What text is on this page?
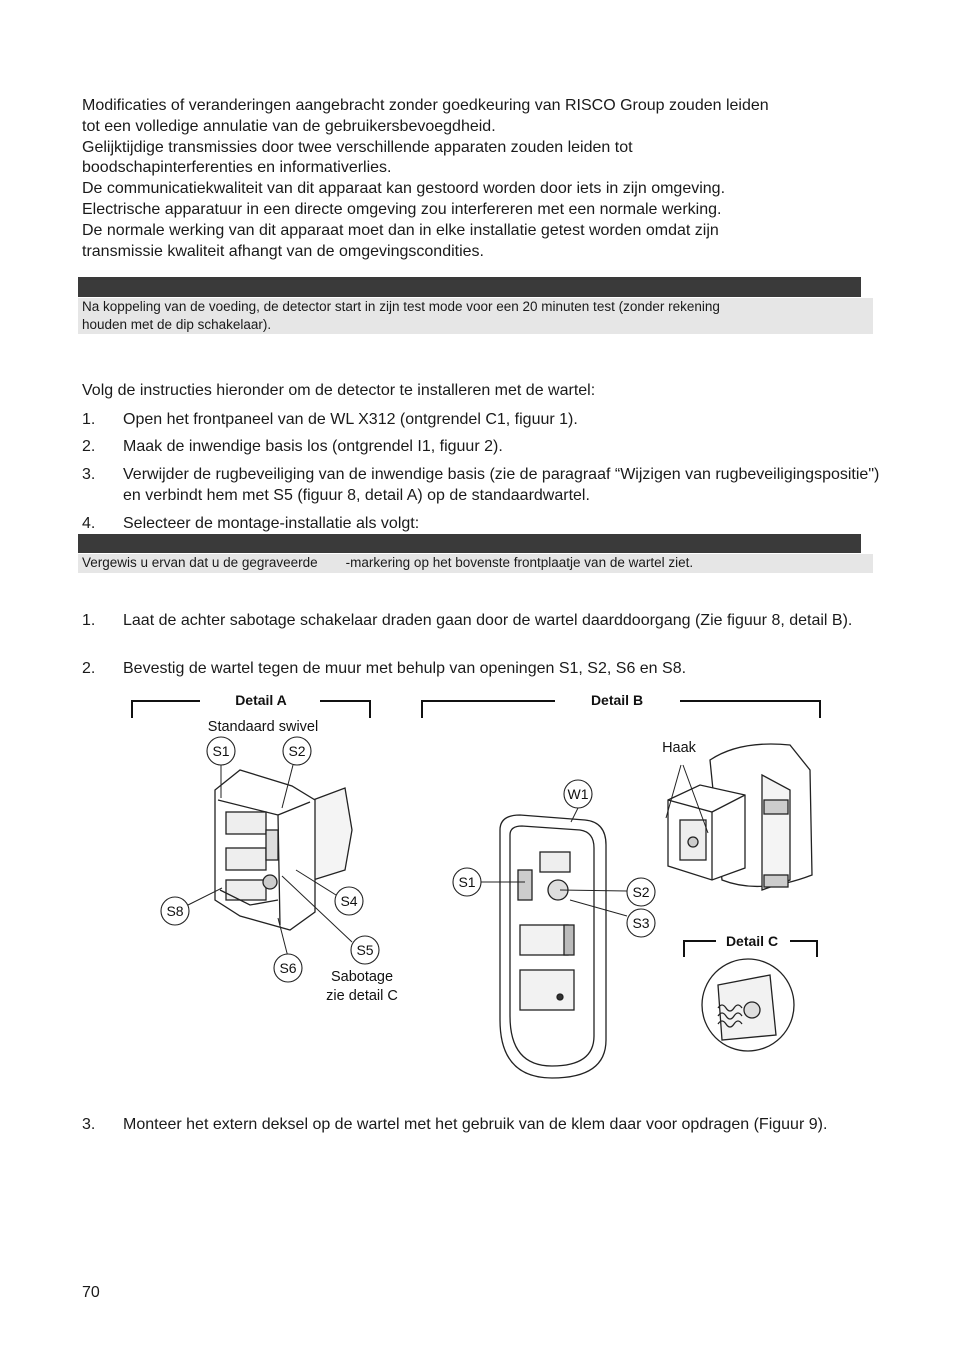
Modificaties of veranderingen aangebracht zonder goedkeuring van RISCO Group zouden leiden
tot een volledige annulatie van de gebruikersbevoegdheid.
Gelijktijdige transmissies door twee verschillende apparaten zouden leiden tot
boodschapinterferenties en informativerlies.
De communicatiekwaliteit van dit apparaat kan gestoord worden door iets in zijn omgeving.
Electrische apparatuur in een directe omgeving zou interfereren met een normale werking.
De normale werking van dit apparaat moet dan in elke installatie getest worden omdat zijn
transmissie kwaliteit afhangt van de omgevingscondities.
Na koppeling van de voeding, de detector start in zijn test mode voor een 20 minuten test (zonder rekening
houden met de dip schakelaar).
Volg de instructies hieronder om de detector te installeren met de wartel:
1.	Open het frontpaneel van de WL X312 (ontgrendel C1, figuur 1).
2.	Maak de inwendige basis los (ontgrendel I1, figuur 2).
3.	Verwijder de rugbeveiliging van de inwendige basis (zie de paragraaf “Wijzigen van rugbeveiligingspositie") en verbindt hem met S5 (figuur 8, detail A) op de standaardwartel.
4.	Selecteer de montage-installatie als volgt:
Vergewis u ervan dat u de gegraveerde -markering op het bovenste frontplaatje van de wartel ziet.
1.	Laat de achter sabotage schakelaar draden gaan door de wartel daarddoorgang (Zie figuur 8, detail B).
2.	Bevestig de wartel tegen de muur met behulp van openingen S1, S2, S6 en S8.
Detail A
Standaard swivel
Detail B
Detail C
Haak
Sabotage
zie detail C
S1	S2
S4
S8
S5
S6
W1
S1
S2
S3
3.	Monteer het extern deksel op de wartel met het gebruik van de klem daar voor opdragen (Figuur 9).
70
